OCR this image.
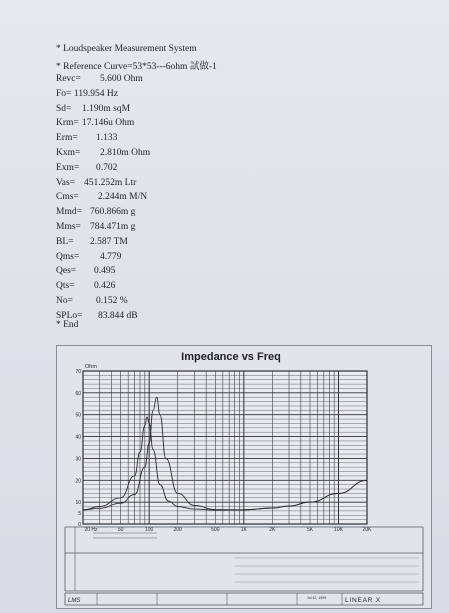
* Loudspeaker Measurement System
* Reference Curve=53*53---6ohm 試做-1
Revc= 5.600 Ohm
Fo= 119.954 Hz
Sd= 1.190m sqM
Krm= 17.146u Ohm
Erm= 1.133
Kxm= 2.810m Ohm
Exm= 0.702
Vas= 451.252m Ltr
Cms= 2.244m M/N
Mmd= 760.866m g
Mms= 784.471m g
BL= 2.587 TM
Qms= 4.779
Qes= 0.495
Qts= 0.426
No= 0.152 %
SPLo= 83.844 dB
* End
Impedance vs Freq
Ohm
70
60
50
40
30
20
10
5
0
20 Hz	50	100	200	500	1K	2K	5K	10K	20K
LMS	Jul 12, 1999	LINEAR X
